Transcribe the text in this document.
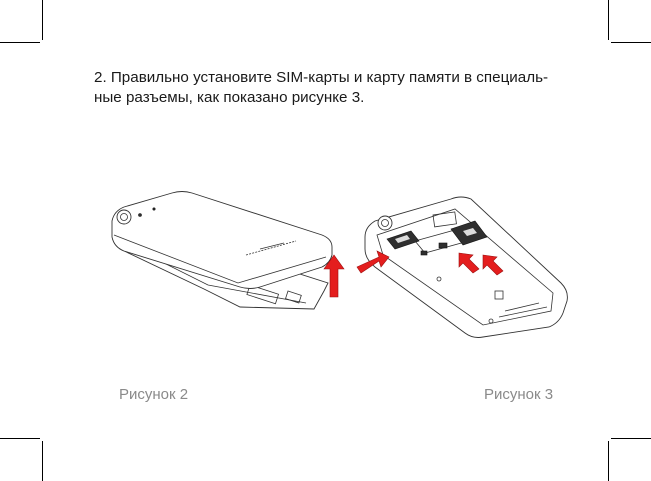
2. Правильно установите SIM-карты и карту памяти в специаль-
ные разъемы, как показано рисунке 3.

Рисунок 2	Рисунок 3
